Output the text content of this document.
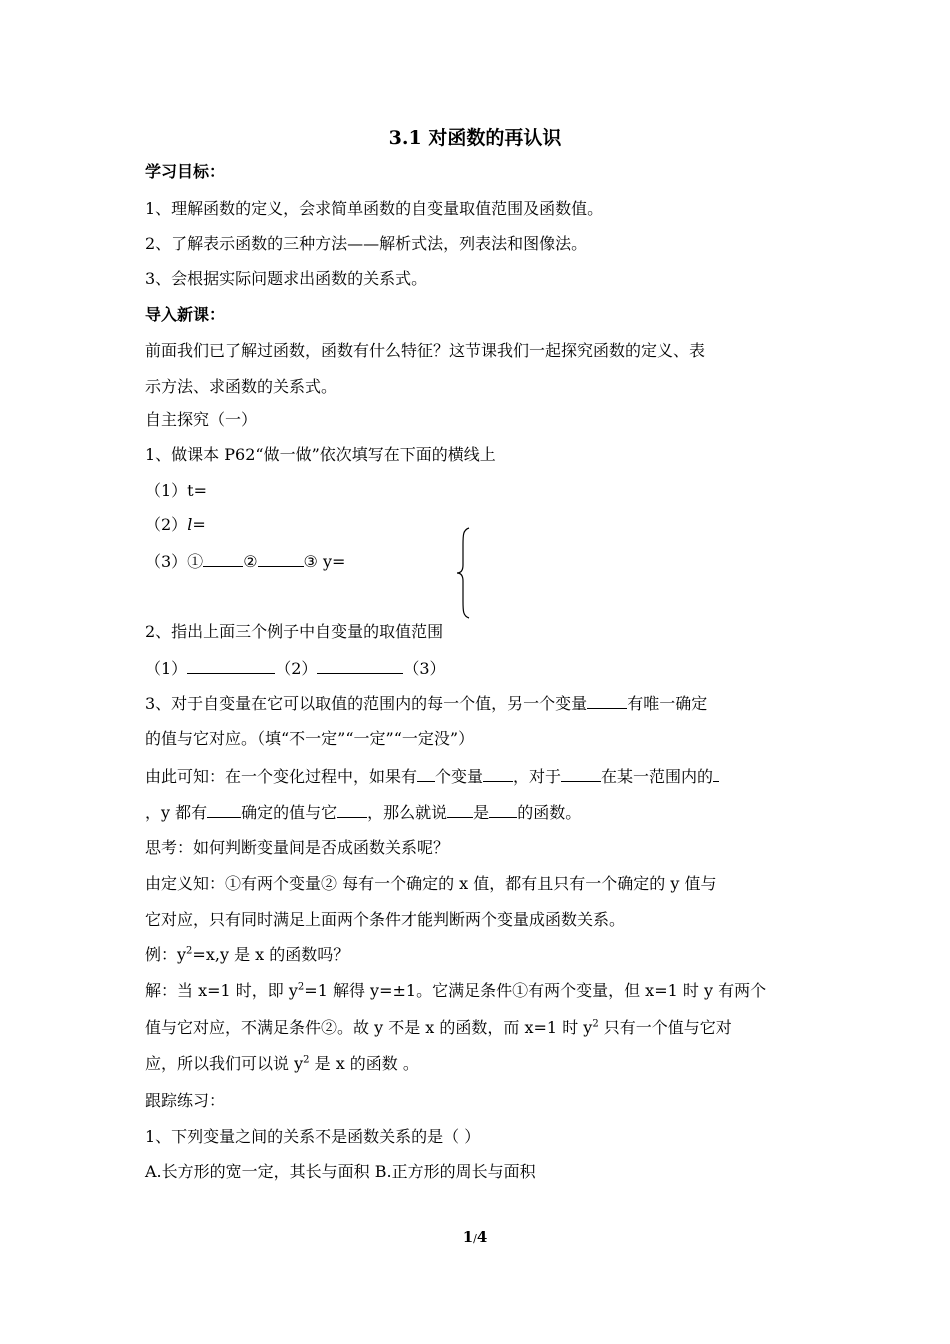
3.1 对函数的再认识
学习目标：
1、理解函数的定义，会求简单函数的自变量取值范围及函数值。
2、了解表示函数的三种方法——解析式法，列表法和图像法。
3、会根据实际问题求出函数的关系式。
导入新课：
前面我们已了解过函数，函数有什么特征？这节课我们一起探究函数的定义、表
示方法、求函数的关系式。
自主探究（一）
1、做课本 P62“做一做”依次填写在下面的横线上
（1）t=
（2）l=
（3）①	②	③ y=
2、指出上面三个例子中自变量的取值范围
（1）	（2）	（3）
3、对于自变量在它可以取值的范围内的每一个值，另一个变量	有唯一确定
的值与它对应。（填“不一定”“一定”“一定没”）
由此可知：在一个变化过程中，如果有 个变量 ，对于	在某一范围内的
，y 都有 确定的值与它 ，那么就说 是 的函数。
思考：如何判断变量间是否成函数关系呢？
由定义知：①有两个变量② 每有一个确定的 x 值，都有且只有一个确定的 y 值与
它对应，只有同时满足上面两个条件才能判断两个变量成函数关系。
例：$y^2=x,y$ 是 x 的函数吗？
解：当 x=1 时，即 $y^2=1$ 解得 y=±1。它满足条件①有两个变量，但 x=1 时 y 有两个
值与它对应，不满足条件②。故 y 不是 x 的函数，而 x=1 时 $y^2$ 只有一个值与它对
应，所以我们可以说 $y^2$ 是 x 的函数 。
跟踪练习：
1、下列变量之间的关系不是函数关系的是（ ）
A.长方形的宽一定，其长与面积 B.正方形的周长与面积
1/4
